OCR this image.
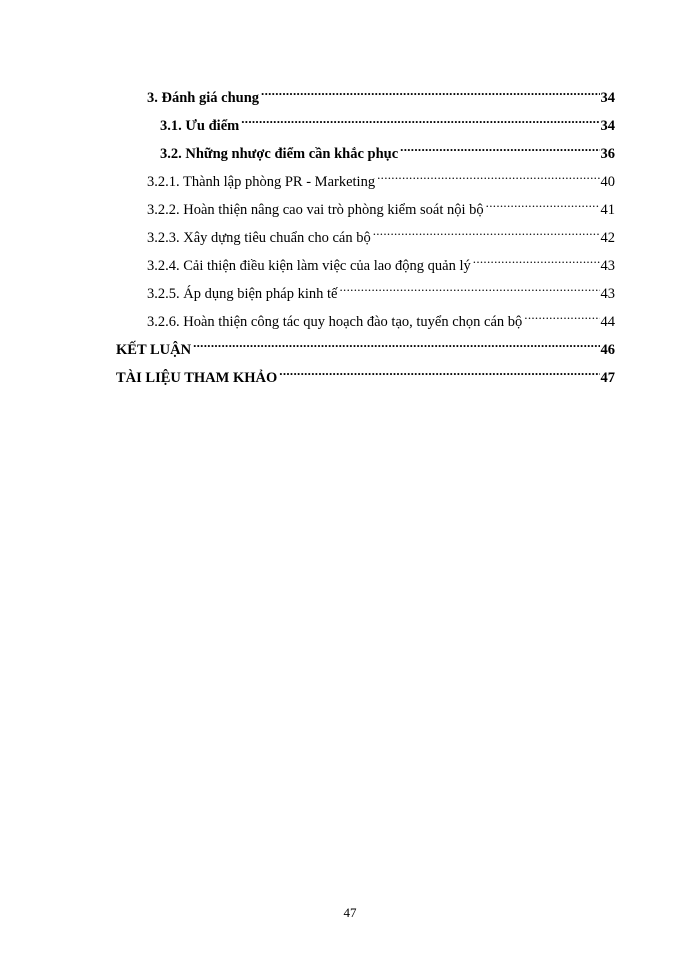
3. Đánh giá chung .....	34
3.1. Ưu điểm .....	34
3.2. Những nhược điểm cần khắc phục .....	36
3.2.1. Thành lập phòng PR - Marketing .....	40
3.2.2. Hoàn thiện nâng cao vai trò phòng kiểm soát nội bộ .....	41
3.2.3. Xây dựng tiêu chuẩn cho cán bộ .....	42
3.2.4. Cải thiện điều kiện làm việc của lao động quản lý .....	43
3.2.5. Áp dụng biện pháp kinh tế .....	43
3.2.6. Hoàn thiện công tác quy hoạch đào tạo, tuyển chọn cán bộ .....	44
KẾT LUẬN .....	46
TÀI LIỆU THAM KHẢO .....	47
47
